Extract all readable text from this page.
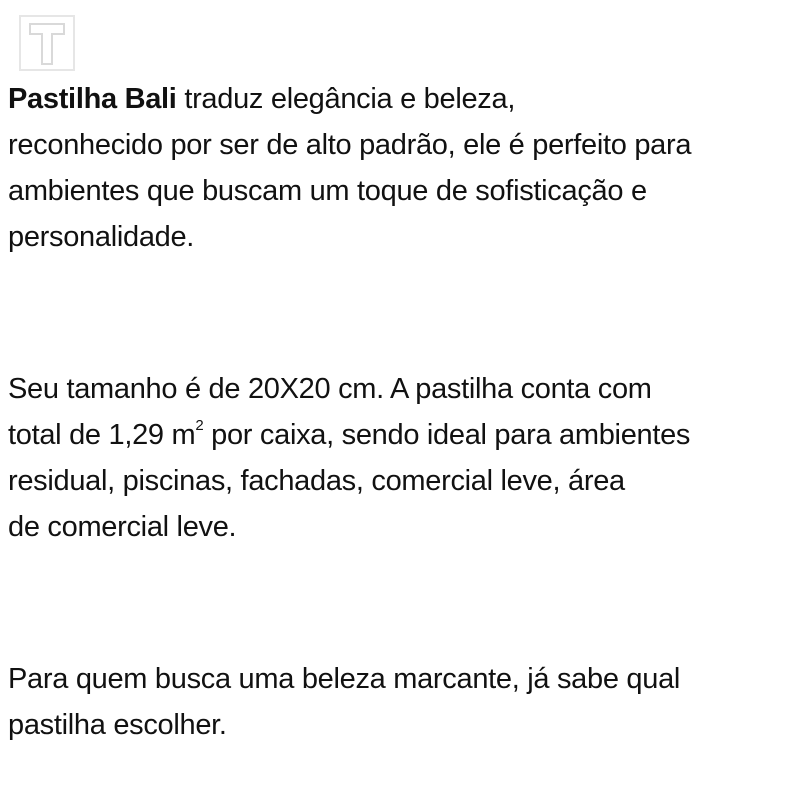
Pastilha Bali traduz elegância e beleza,
reconhecido por ser de alto padrão, ele é perfeito para
ambientes que buscam um toque de sofisticação e
personalidade.

Seu tamanho é de 20X20 cm. A pastilha conta com
total de 1,29 $m^2$ por caixa, sendo ideal para ambientes
residual, piscinas, fachadas, comercial leve, área
de comercial leve.

Para quem busca uma beleza marcante, já sabe qual
pastilha escolher.
